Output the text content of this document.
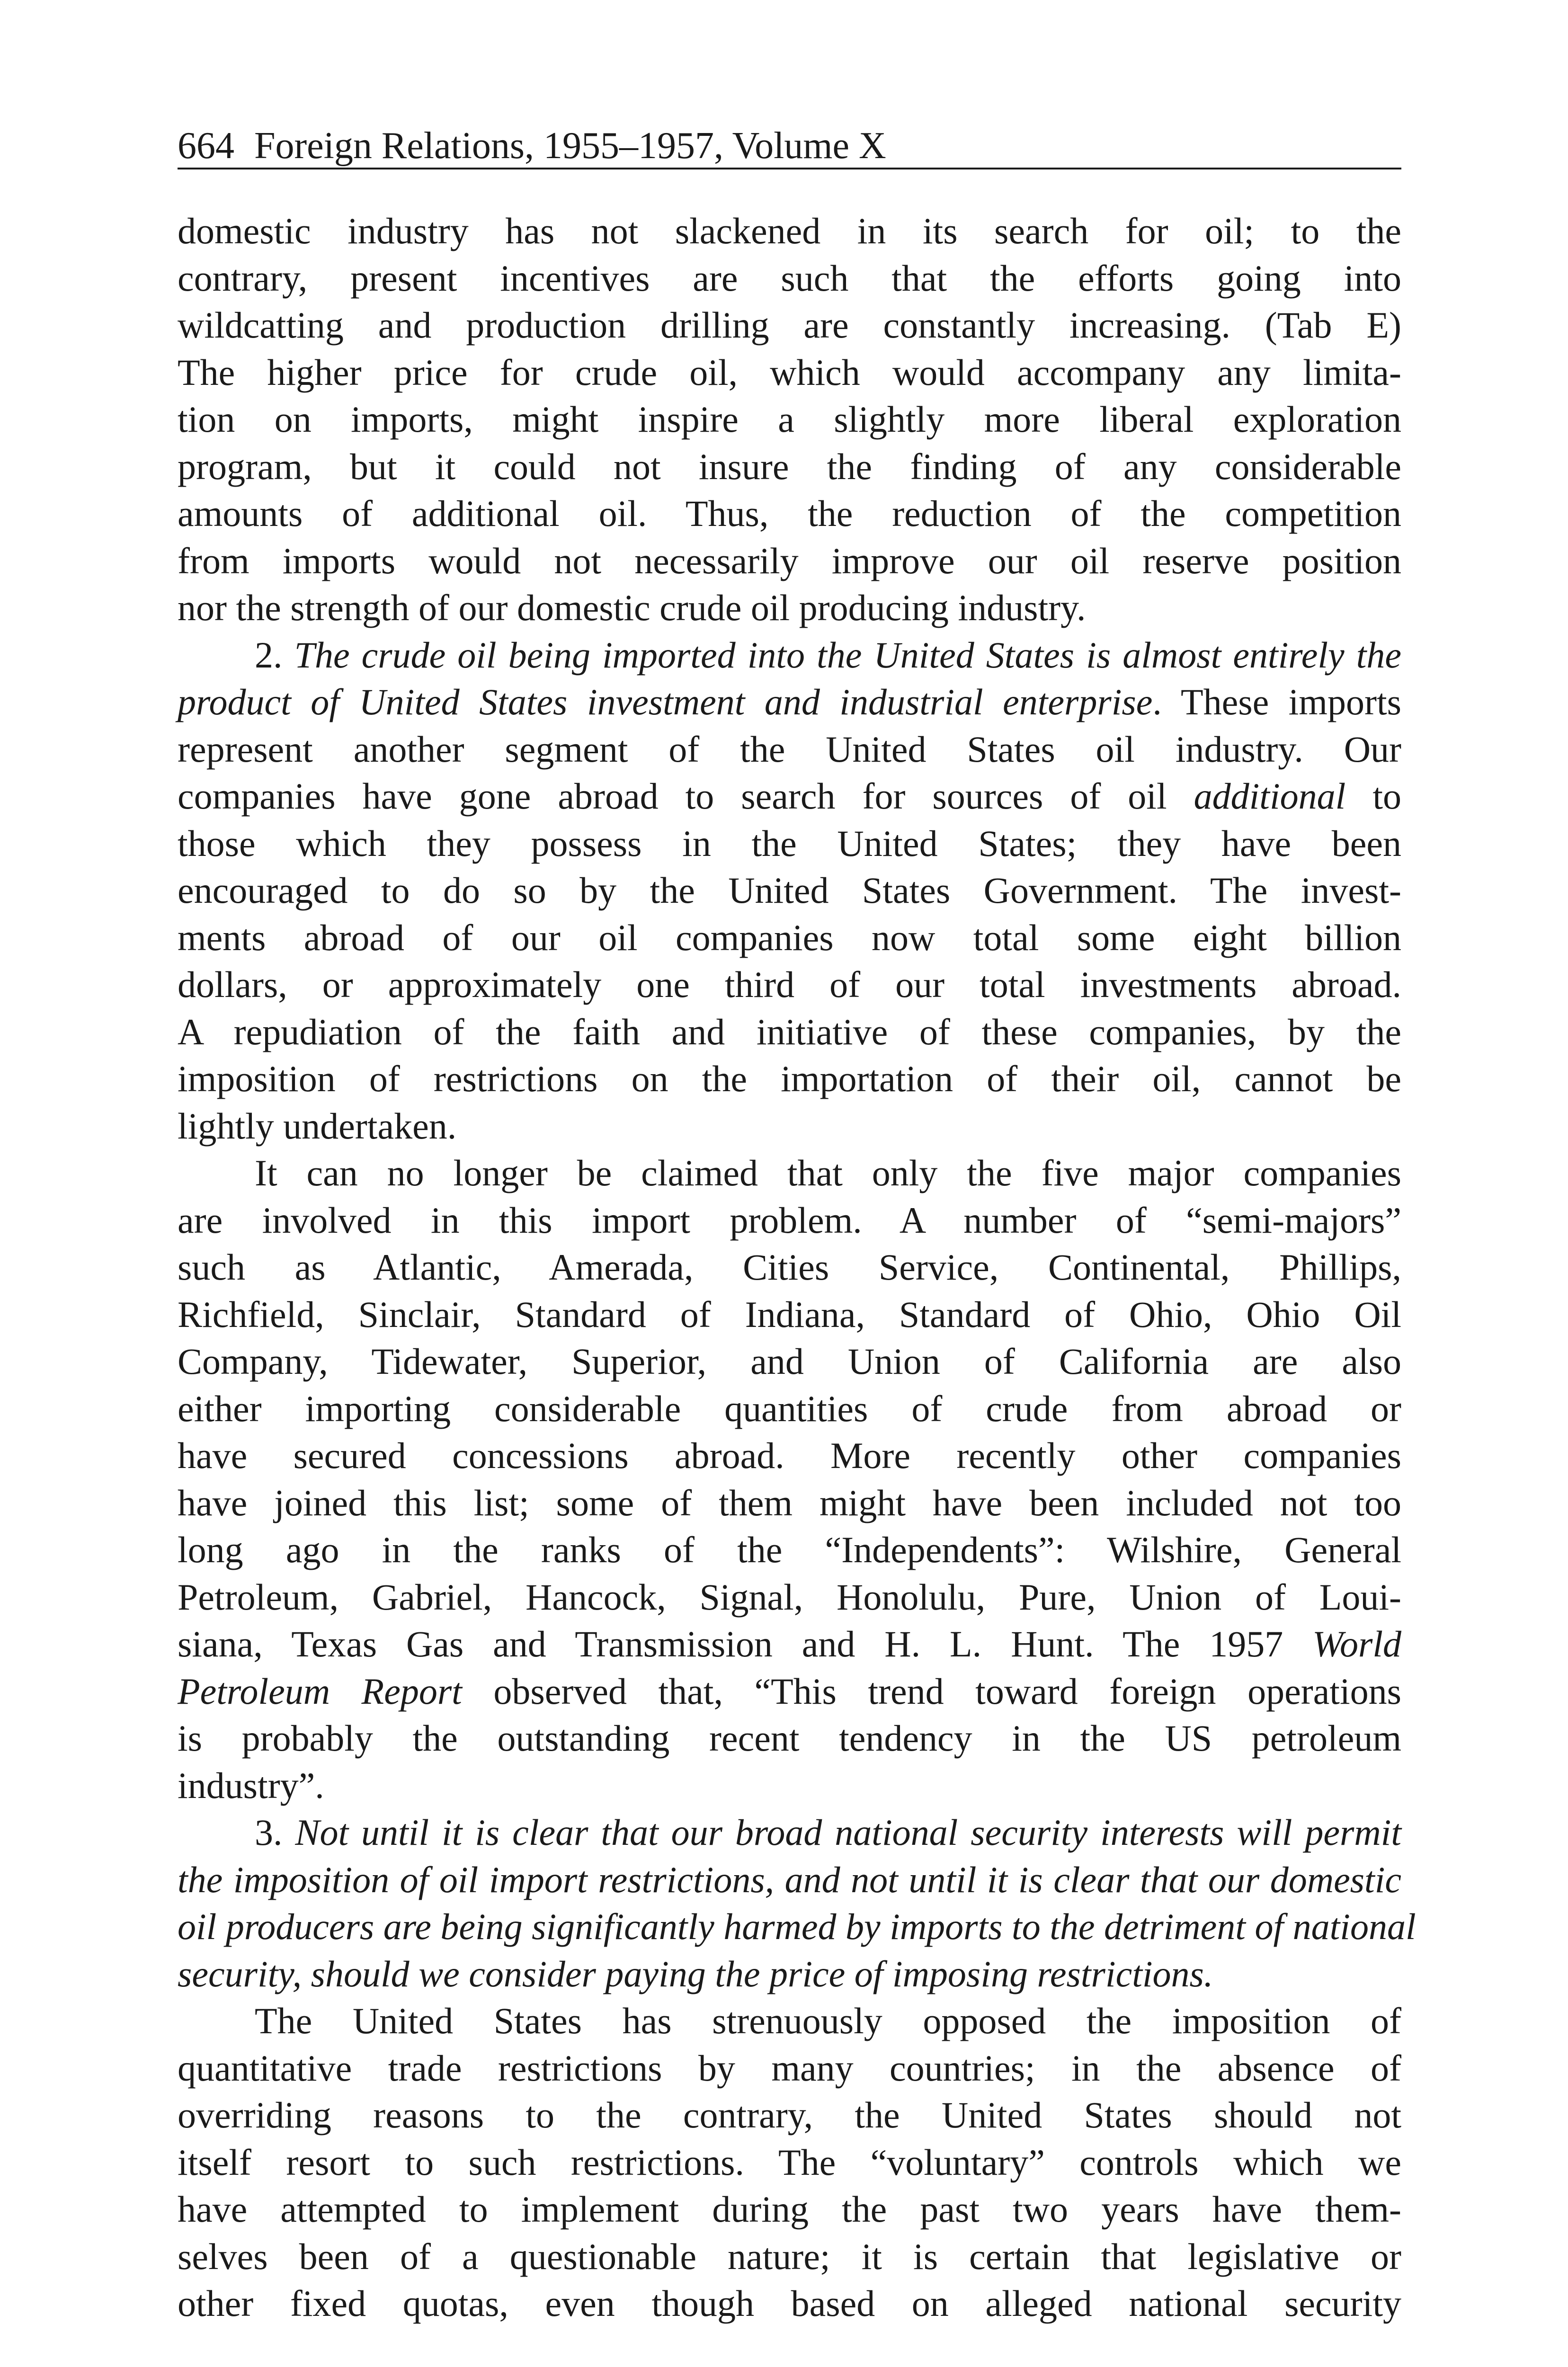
664 Foreign Relations, 1955–1957, Volume X
domestic industry has not slackened in its search for oil; to the
contrary, present incentives are such that the efforts going into
wildcatting and production drilling are constantly increasing. (Tab E)
The higher price for crude oil, which would accompany any limita-
tion on imports, might inspire a slightly more liberal exploration
program, but it could not insure the finding of any considerable
amounts of additional oil. Thus, the reduction of the competition
from imports would not necessarily improve our oil reserve position
nor the strength of our domestic crude oil producing industry.
2. The crude oil being imported into the United States is almost entirely the
product of United States investment and industrial enterprise. These imports
represent another segment of the United States oil industry. Our
companies have gone abroad to search for sources of oil additional to
those which they possess in the United States; they have been
encouraged to do so by the United States Government. The invest-
ments abroad of our oil companies now total some eight billion
dollars, or approximately one third of our total investments abroad.
A repudiation of the faith and initiative of these companies, by the
imposition of restrictions on the importation of their oil, cannot be
lightly undertaken.
It can no longer be claimed that only the five major companies
are involved in this import problem. A number of “semi-majors”
such as Atlantic, Amerada, Cities Service, Continental, Phillips,
Richfield, Sinclair, Standard of Indiana, Standard of Ohio, Ohio Oil
Company, Tidewater, Superior, and Union of California are also
either importing considerable quantities of crude from abroad or
have secured concessions abroad. More recently other companies
have joined this list; some of them might have been included not too
long ago in the ranks of the “Independents”: Wilshire, General
Petroleum, Gabriel, Hancock, Signal, Honolulu, Pure, Union of Loui-
siana, Texas Gas and Transmission and H. L. Hunt. The 1957 World
Petroleum Report observed that, “This trend toward foreign operations
is probably the outstanding recent tendency in the US petroleum
industry”.
3. Not until it is clear that our broad national security interests will permit
the imposition of oil import restrictions, and not until it is clear that our domestic
oil producers are being significantly harmed by imports to the detriment of national
security, should we consider paying the price of imposing restrictions.
The United States has strenuously opposed the imposition of
quantitative trade restrictions by many countries; in the absence of
overriding reasons to the contrary, the United States should not
itself resort to such restrictions. The “voluntary” controls which we
have attempted to implement during the past two years have them-
selves been of a questionable nature; it is certain that legislative or
other fixed quotas, even though based on alleged national security
